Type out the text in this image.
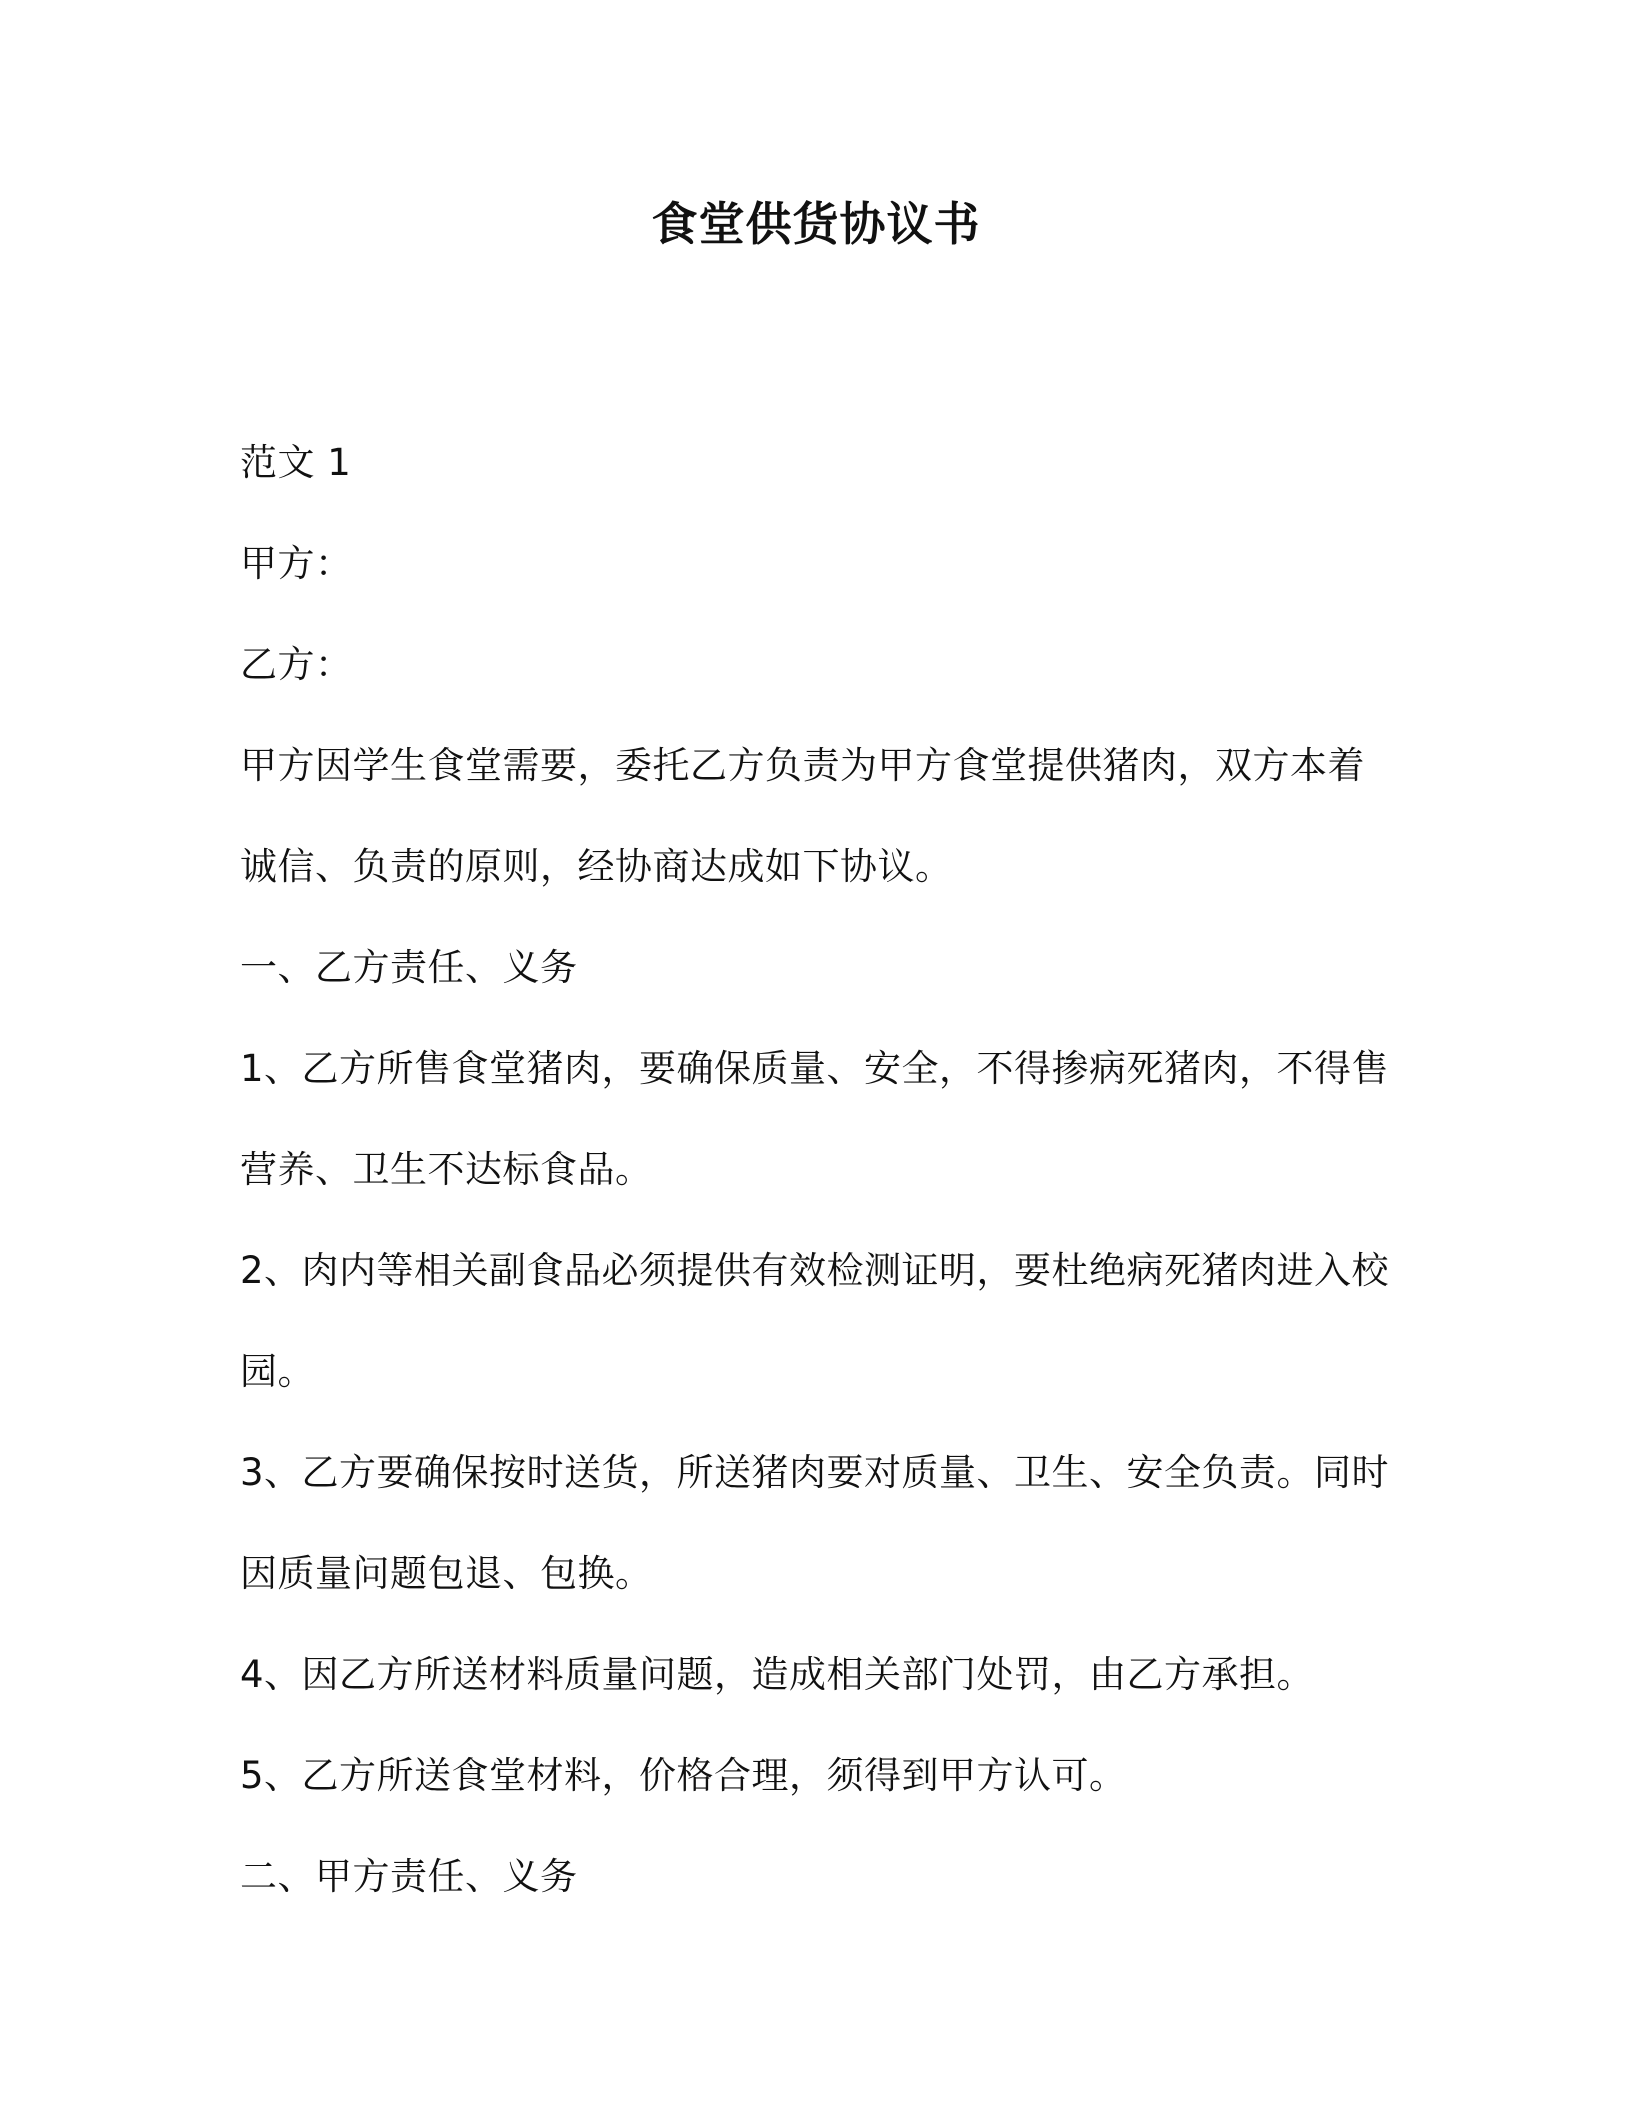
食堂供货协议书
范文 1
甲方：
乙方：
甲方因学生食堂需要，委托乙方负责为甲方食堂提供猪肉，双方本着
诚信、负责的原则，经协商达成如下协议。
一、乙方责任、义务
1、乙方所售食堂猪肉，要确保质量、安全，不得掺病死猪肉，不得售
营养、卫生不达标食品。
2、肉内等相关副食品必须提供有效检测证明，要杜绝病死猪肉进入校
园。
3、乙方要确保按时送货，所送猪肉要对质量、卫生、安全负责。同时
因质量问题包退、包换。
4、因乙方所送材料质量问题，造成相关部门处罚，由乙方承担。
5、乙方所送食堂材料，价格合理，须得到甲方认可。
二、甲方责任、义务
